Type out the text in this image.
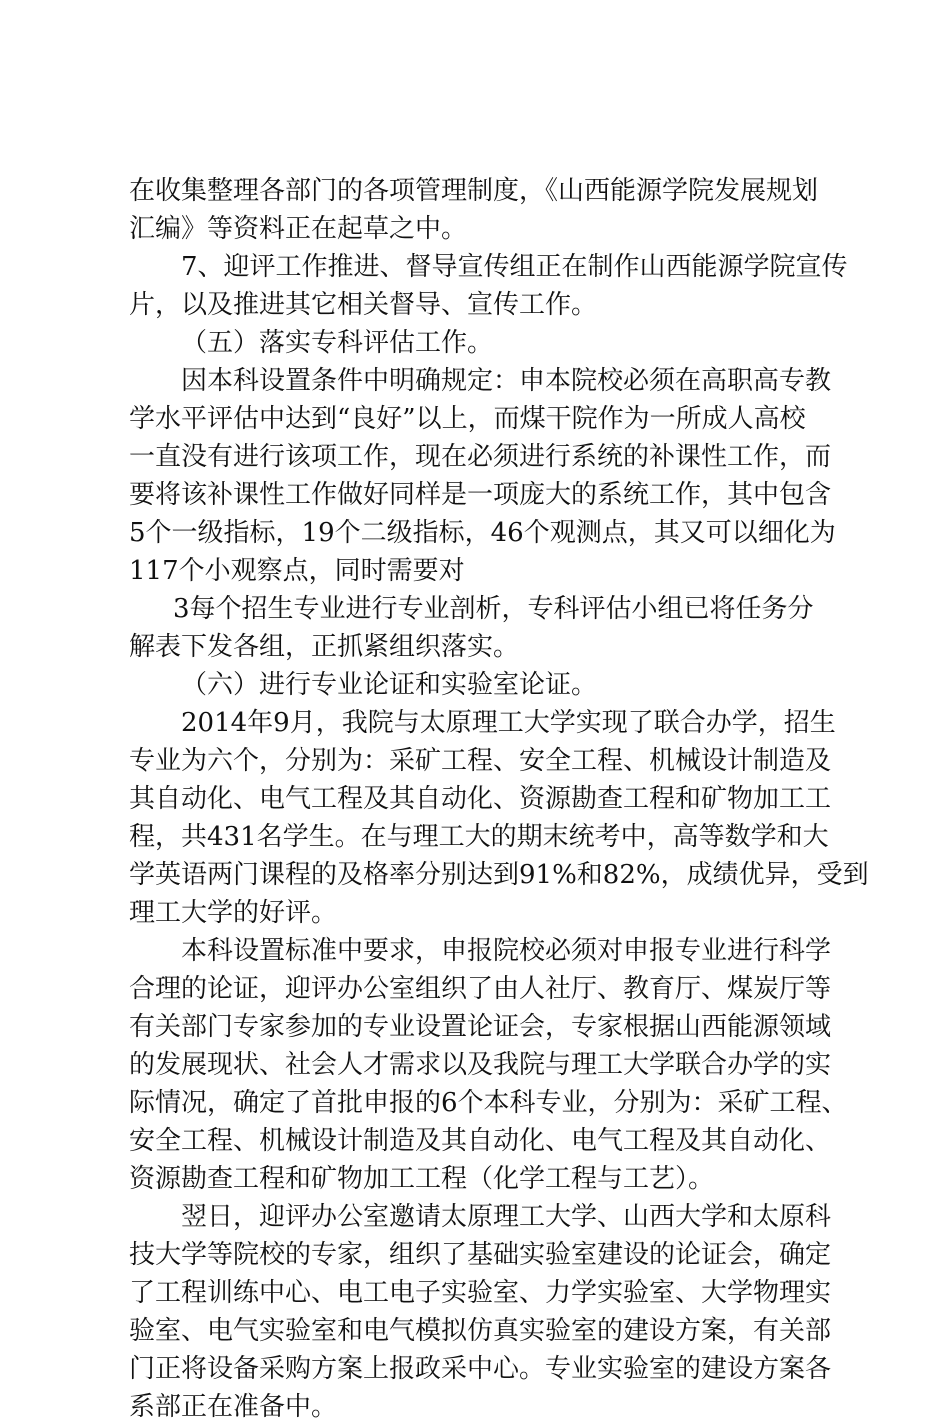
在收集整理各部门的各项管理制度，《山西能源学院发展规划
汇编》等资料正在起草之中。
7、迎评工作推进、督导宣传组正在制作山西能源学院宣传
片，以及推进其它相关督导、宣传工作。
（五）落实专科评估工作。
因本科设置条件中明确规定：申本院校必须在高职高专教
学水平评估中达到“良好”以上，而煤干院作为一所成人高校
一直没有进行该项工作，现在必须进行系统的补课性工作，而
要将该补课性工作做好同样是一项庞大的系统工作，其中包含
5个一级指标，19个二级指标，46个观测点，其又可以细化为
117个小观察点，同时需要对
3每个招生专业进行专业剖析，专科评估小组已将任务分
解表下发各组，正抓紧组织落实。
（六）进行专业论证和实验室论证。
2014年9月，我院与太原理工大学实现了联合办学，招生
专业为六个，分别为：采矿工程、安全工程、机械设计制造及
其自动化、电气工程及其自动化、资源勘查工程和矿物加工工
程，共431名学生。在与理工大的期末统考中，高等数学和大
学英语两门课程的及格率分别达到91%和82%，成绩优异，受到
理工大学的好评。
本科设置标准中要求，申报院校必须对申报专业进行科学
合理的论证，迎评办公室组织了由人社厅、教育厅、煤炭厅等
有关部门专家参加的专业设置论证会，专家根据山西能源领域
的发展现状、社会人才需求以及我院与理工大学联合办学的实
际情况，确定了首批申报的6个本科专业，分别为：采矿工程、
安全工程、机械设计制造及其自动化、电气工程及其自动化、
资源勘查工程和矿物加工工程（化学工程与工艺）。
翌日，迎评办公室邀请太原理工大学、山西大学和太原科
技大学等院校的专家，组织了基础实验室建设的论证会，确定
了工程训练中心、电工电子实验室、力学实验室、大学物理实
验室、电气实验室和电气模拟仿真实验室的建设方案，有关部
门正将设备采购方案上报政采中心。专业实验室的建设方案各
系部正在准备中。
